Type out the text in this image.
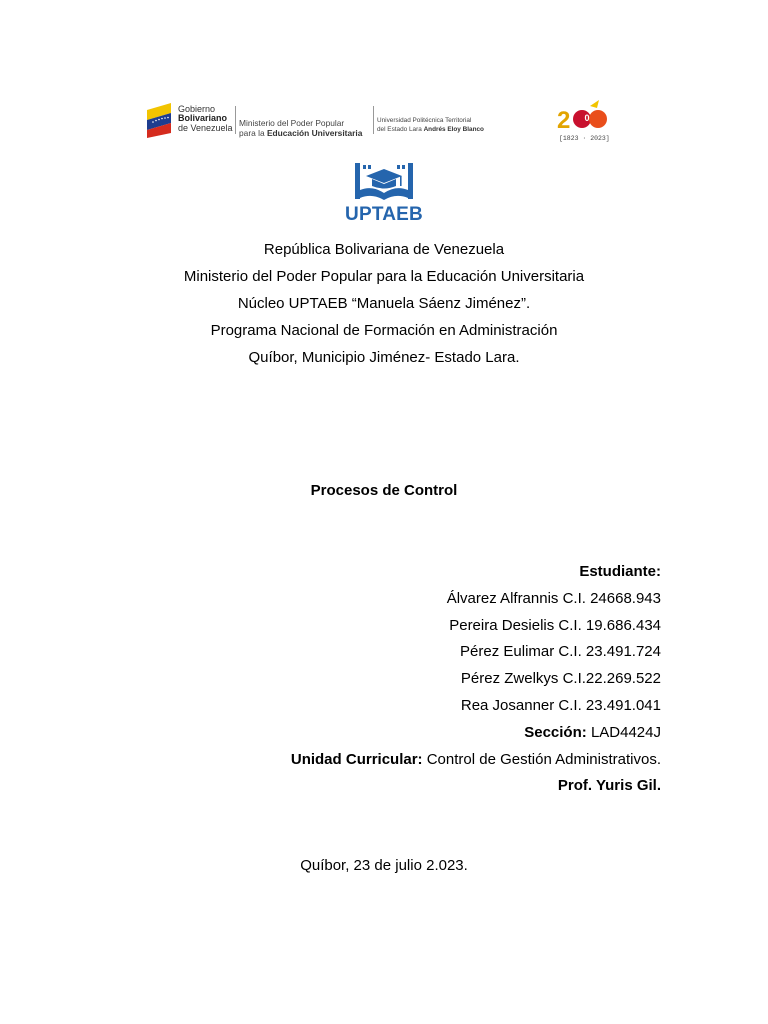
Gobierno
Bolivariano
de Venezuela Ministerio del Poder Popular
para la Educación Universitaria
Universidad Politécnica Territorial
del Estado Lara Andrés Eloy Blanco	2 0
[1823 · 2023]
UPTAEB
República Bolivariana de Venezuela
Ministerio del Poder Popular para la Educación Universitaria
Núcleo UPTAEB “Manuela Sáenz Jiménez”.
Programa Nacional de Formación en Administración
Quíbor, Municipio Jiménez- Estado Lara.
Procesos de Control
Estudiante:
Álvarez Alfrannis C.I. 24668.943
Pereira Desielis C.I. 19.686.434
Pérez Eulimar C.I. 23.491.724
Pérez Zwelkys C.I.22.269.522
Rea Josanner C.I. 23.491.041
Sección: LAD4424J
Unidad Curricular: Control de Gestión Administrativos.
Prof. Yuris Gil.
Quíbor, 23 de julio 2.023.
